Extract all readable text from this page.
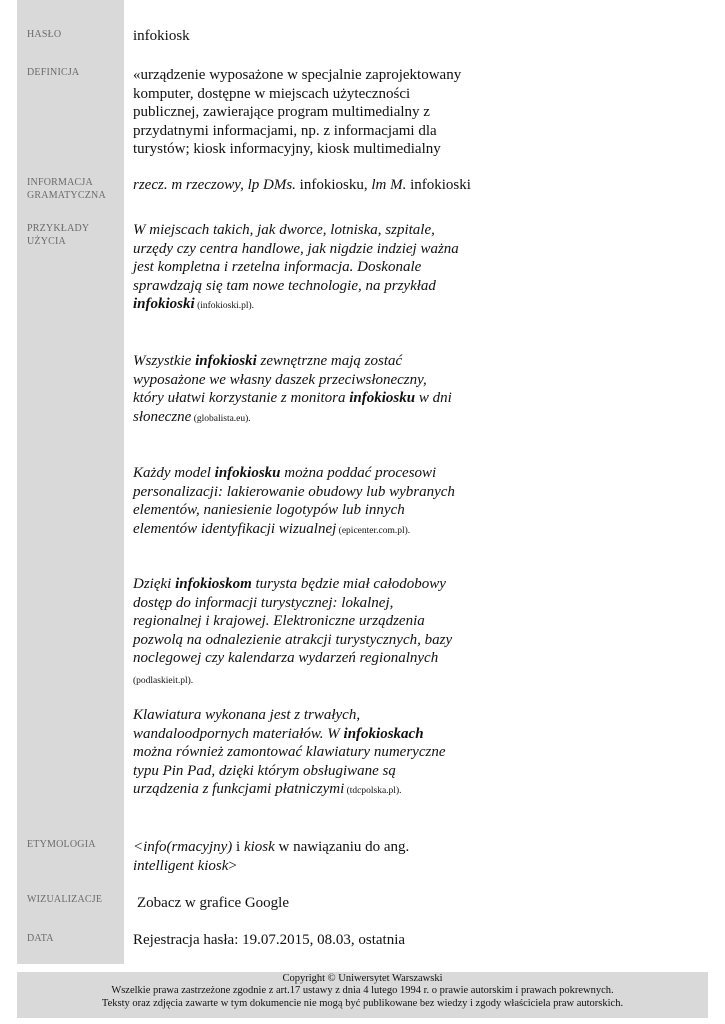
HASŁO
DEFINICJA
INFORMACJA
GRAMATYCZNA
PRZYKŁADY
UŻYCIA
ETYMOLOGIA
WIZUALIZACJE
DATA
infokiosk
«urządzenie wyposażone w specjalnie zaprojektowany komputer, dostępne w miejscach użyteczności publicznej, zawierające program multimedialny z przydatnymi informacjami, np. z informacjami dla turystów; kiosk informacyjny, kiosk multimedialny
rzecz. m rzeczowy, lp DMs. infokiosku, lm M. infokioski
W miejscach takich, jak dworce, lotniska, szpitale, urzędy czy centra handlowe, jak nigdzie indziej ważna jest kompletna i rzetelna informacja. Doskonale sprawdzają się tam nowe technologie, na przykład infokioski (infokioski.pl).
Wszystkie infokioski zewnętrzne mają zostać wyposażone we własny daszek przeciwsłoneczny, który ułatwi korzystanie z monitora infokiosku w dni słoneczne (globalista.eu).
Każdy model infokiosku można poddać procesowi personalizacji: lakierowanie obudowy lub wybranych elementów, naniesienie logotypów lub innych elementów identyfikacji wizualnej (epicenter.com.pl).
Dzięki infokioskom turysta będzie miał całodobowy dostęp do informacji turystycznej: lokalnej, regionalnej i krajowej. Elektroniczne urządzenia pozwolą na odnalezienie atrakcji turystycznych, bazy noclegowej czy kalendarza wydarzeń regionalnych (podlaskieit.pl).
Klawiatura wykonana jest z trwałych, wandaloodpornych materiałów. W infokioskach można również zamontować klawiatury numeryczne typu Pin Pad, dzięki którym obsługiwane są urządzenia z funkcjami płatniczymi (tdcpolska.pl).
<info(rmacyjny) i kiosk w nawiązaniu do ang. intelligent kiosk>
Zobacz w grafice Google
Rejestracja hasła: 19.07.2015, 08.03, ostatnia
Copyright © Uniwersytet Warszawski
Wszelkie prawa zastrzeżone zgodnie z art.17 ustawy z dnia 4 lutego 1994 r. o prawie autorskim i prawach pokrewnych.
Teksty oraz zdjęcia zawarte w tym dokumencie nie mogą być publikowane bez wiedzy i zgody właściciela praw autorskich.
